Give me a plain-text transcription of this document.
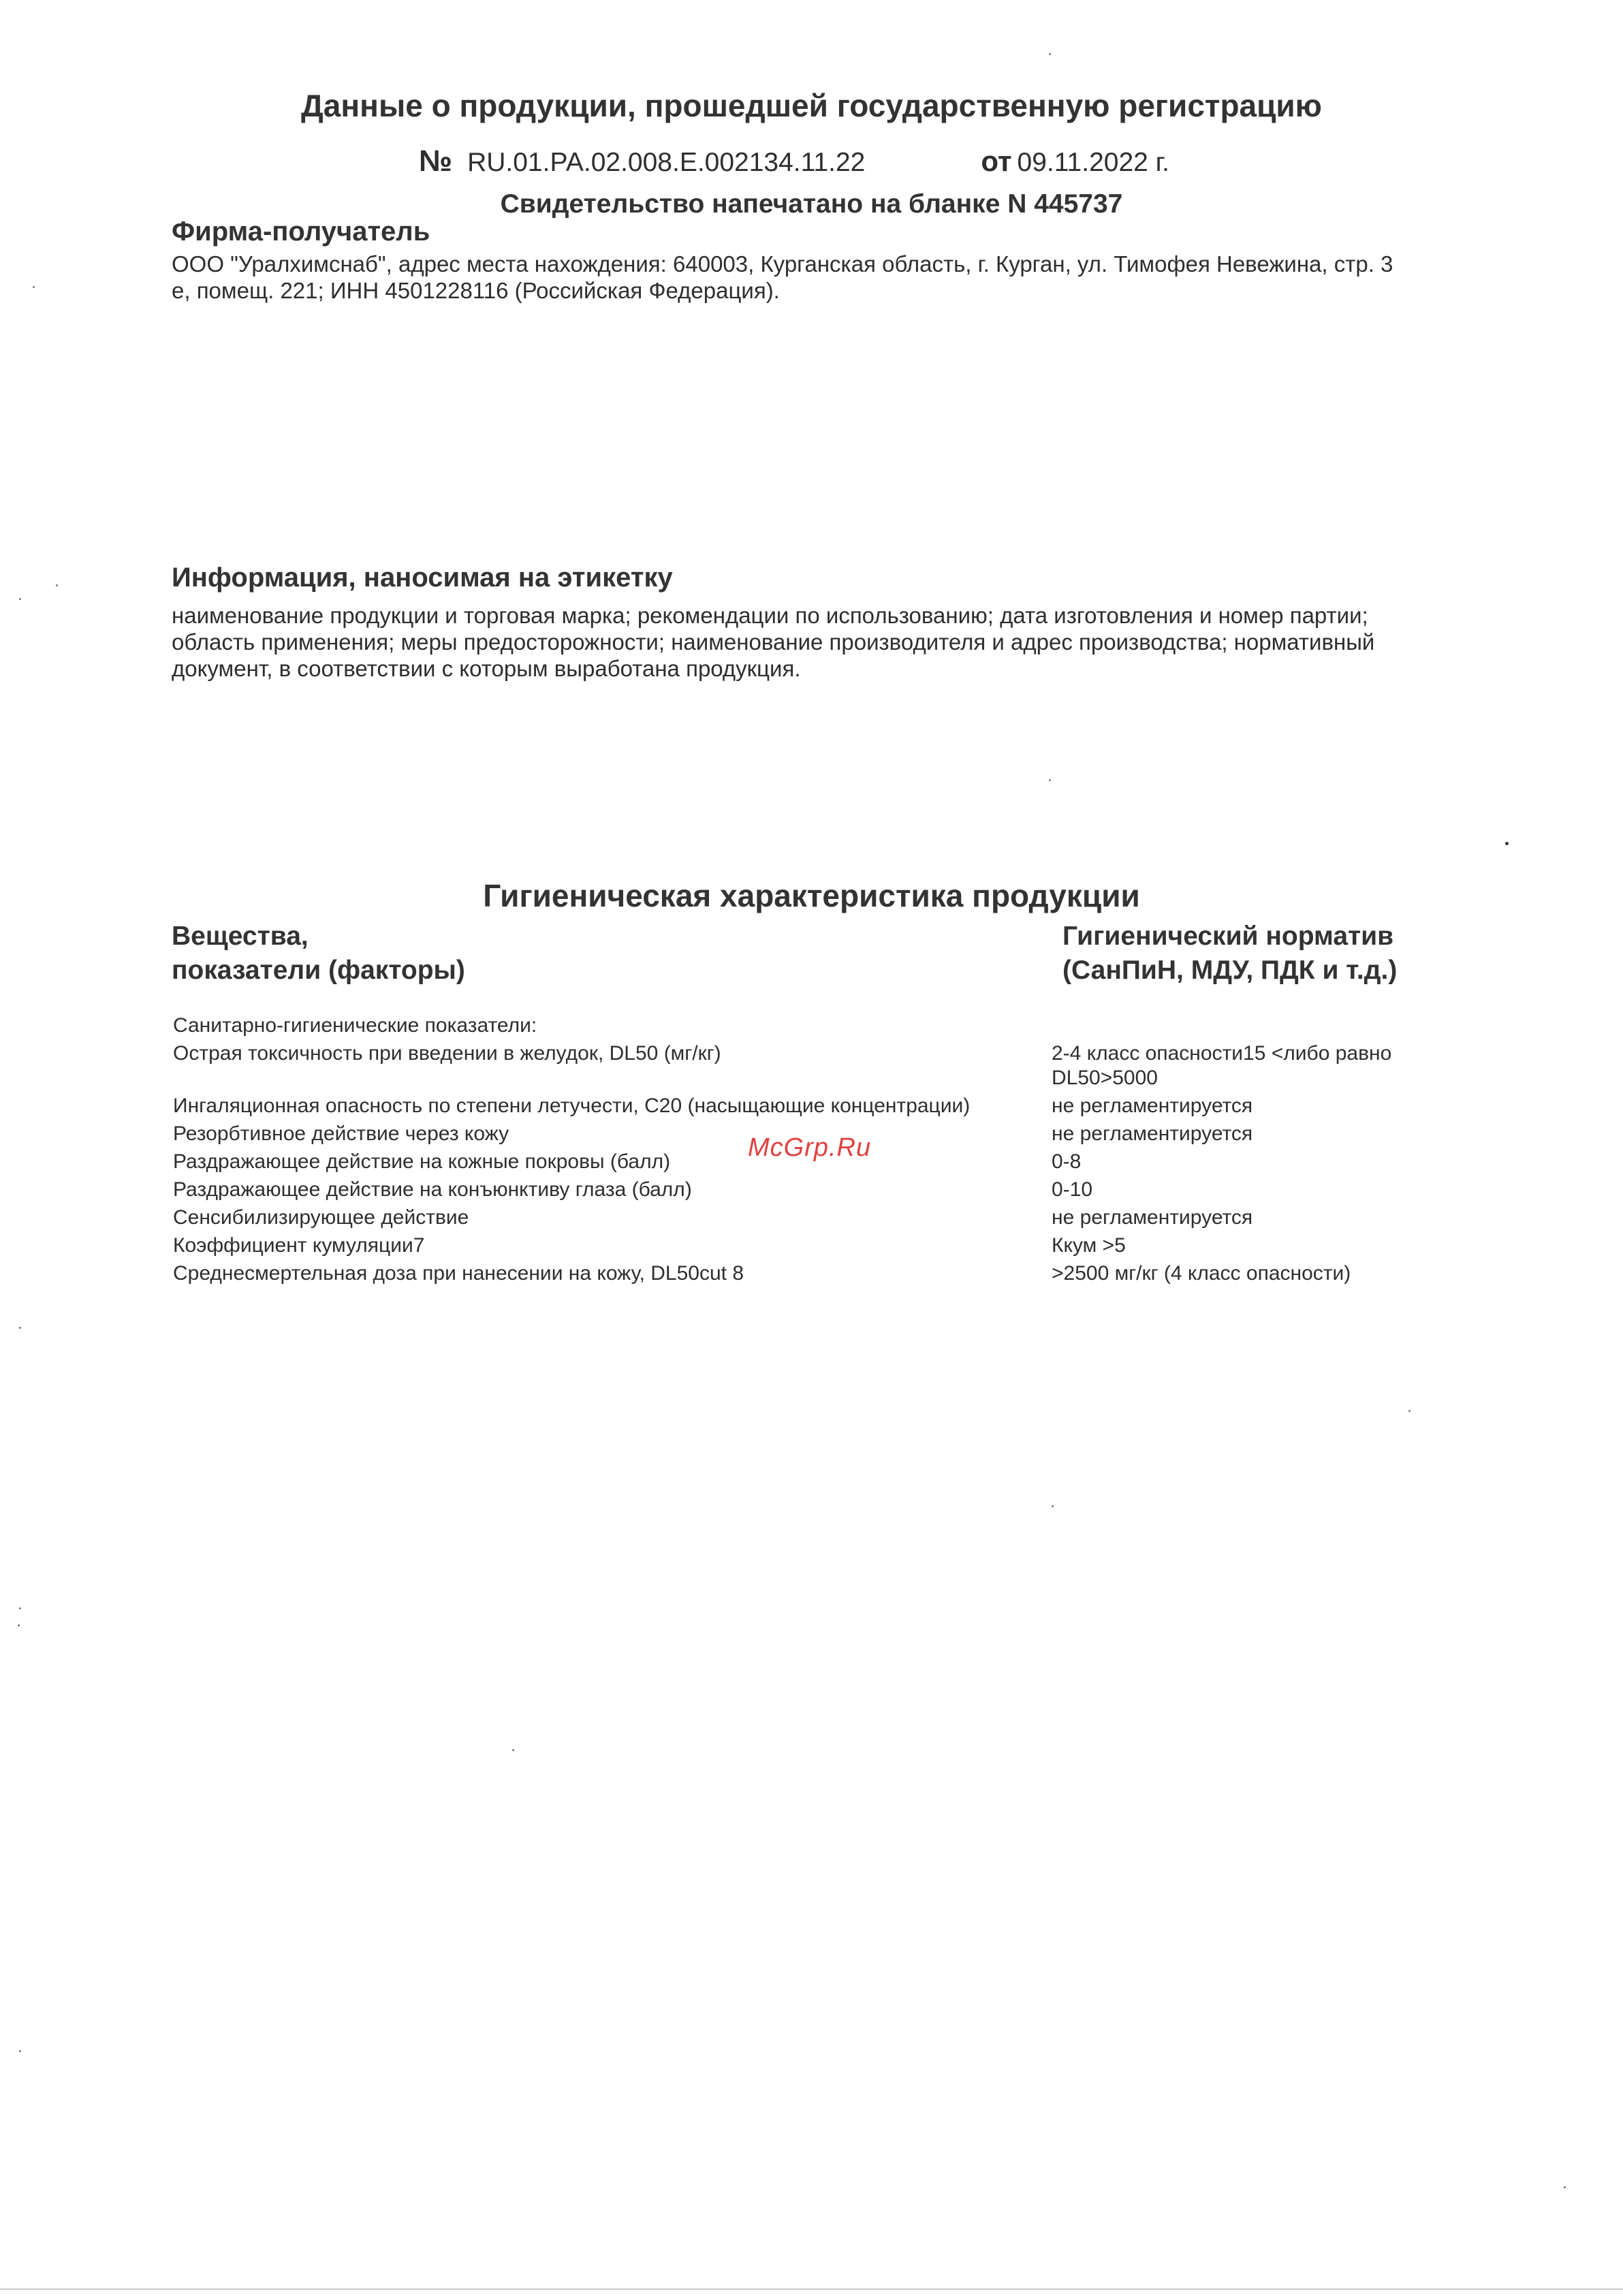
Данные о продукции, прошедшей государственную регистрацию
№ RU.01.РА.02.008.Е.002134.11.22	от 09.11.2022 г.
Свидетельство напечатано на бланке N 445737
Фирма-получатель
ООО "Уралхимснаб", адрес места нахождения: 640003, Курганская область, г. Курган, ул. Тимофея Невежина, стр. 3 е, помещ. 221; ИНН 4501228116 (Российская Федерация).
Информация, наносимая на этикетку
наименование продукции и торговая марка; рекомендации по использованию; дата изготовления и номер партии; область применения; меры предосторожности; наименование производителя и адрес производства; нормативный документ, в соответствии с которым выработана продукция.
Гигиеническая характеристика продукции
Вещества,
показатели (факторы)
Гигиенический норматив
(СанПиН, МДУ, ПДК и т.д.)
Санитарно-гигиенические показатели:
Острая токсичность при введении в желудок, DL50 (мг/кг)	2-4 класс опасности15 <либо равно DL50>5000
Ингаляционная опасность по степени летучести, С20 (насыщающие концентрации)	не регламентируется
Резорбтивное действие через кожу	не регламентируется
Раздражающее действие на кожные покровы (балл)	0-8
Раздражающее действие на конъюнктиву глаза (балл)	0-10
Сенсибилизирующее действие	не регламентируется
Коэффициент кумуляции7	Ккум >5
Среднесмертельная доза при нанесении на кожу, DL50cut 8	>2500 мг/кг (4 класс опасности)
McGrp.Ru
